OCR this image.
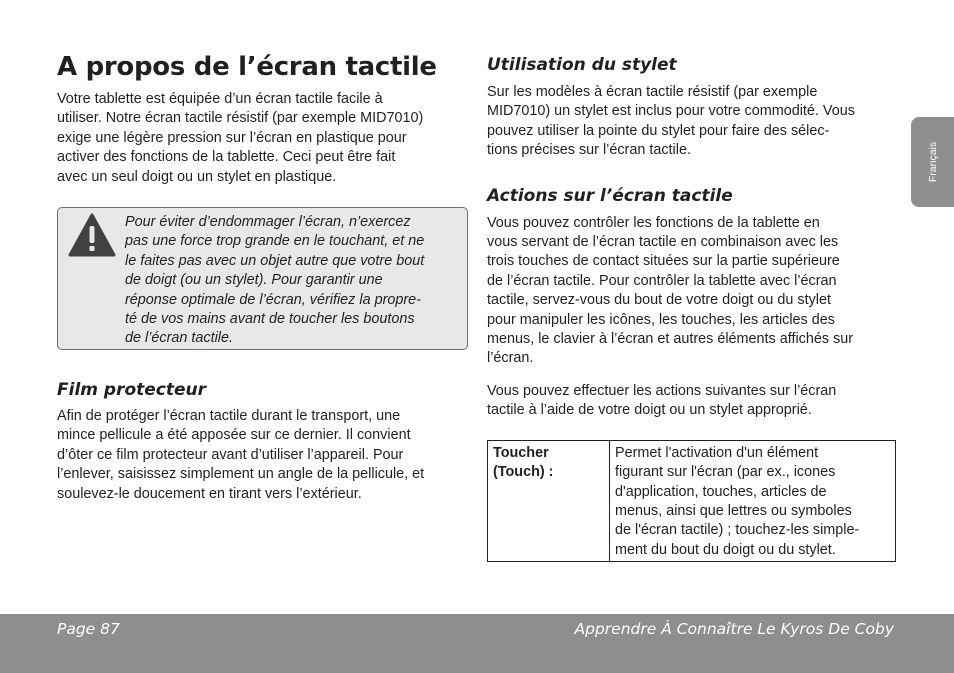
A propos de l’écran tactile

Votre tablette est équipée d’un écran tactile facile à
utiliser. Notre écran tactile résistif (par exemple MID7010)
exige une légère pression sur l’écran en plastique pour
activer des fonctions de la tablette. Ceci peut être fait
avec un seul doigt ou un stylet en plastique.

Pour éviter d’endommager l’écran, n’exercez
pas une force trop grande en le touchant, et ne
le faites pas avec un objet autre que votre bout
de doigt (ou un stylet). Pour garantir une
réponse optimale de l’écran, vérifiez la propre-
té de vos mains avant de toucher les boutons
de l’écran tactile.

Film protecteur

Afin de protéger l’écran tactile durant le transport, une
mince pellicule a été apposée sur ce dernier. Il convient
d’ôter ce film protecteur avant d’utiliser l’appareil. Pour
l’enlever, saisissez simplement un angle de la pellicule, et
soulevez-le doucement en tirant vers l’extérieur.

Utilisation du stylet

Sur les modèles à écran tactile résistif (par exemple
MID7010) un stylet est inclus pour votre commodité. Vous
pouvez utiliser la pointe du stylet pour faire des sélec-
tions précises sur l’écran tactile.

Actions sur l’écran tactile

Vous pouvez contrôler les fonctions de la tablette en
vous servant de l’écran tactile en combinaison avec les
trois touches de contact situées sur la partie supérieure
de l’écran tactile. Pour contrôler la tablette avec l’écran
tactile, servez-vous du bout de votre doigt ou du stylet
pour manipuler les icônes, les touches, les articles des
menus, le clavier à l’écran et autres éléments affichés sur
l’écran.

Vous pouvez effectuer les actions suivantes sur l’écran
tactile à l’aide de votre doigt ou un stylet approprié.

Toucher
(Touch) :	Permet l'activation d'un élément
figurant sur l'écran (par ex., icones
d'application, touches, articles de
menus, ainsi que lettres ou symboles
de l'écran tactile) ; touchez-les simple-
ment du bout du doigt ou du stylet.
Français
Page 87	Apprendre À Connaître Le Kyros De Coby
